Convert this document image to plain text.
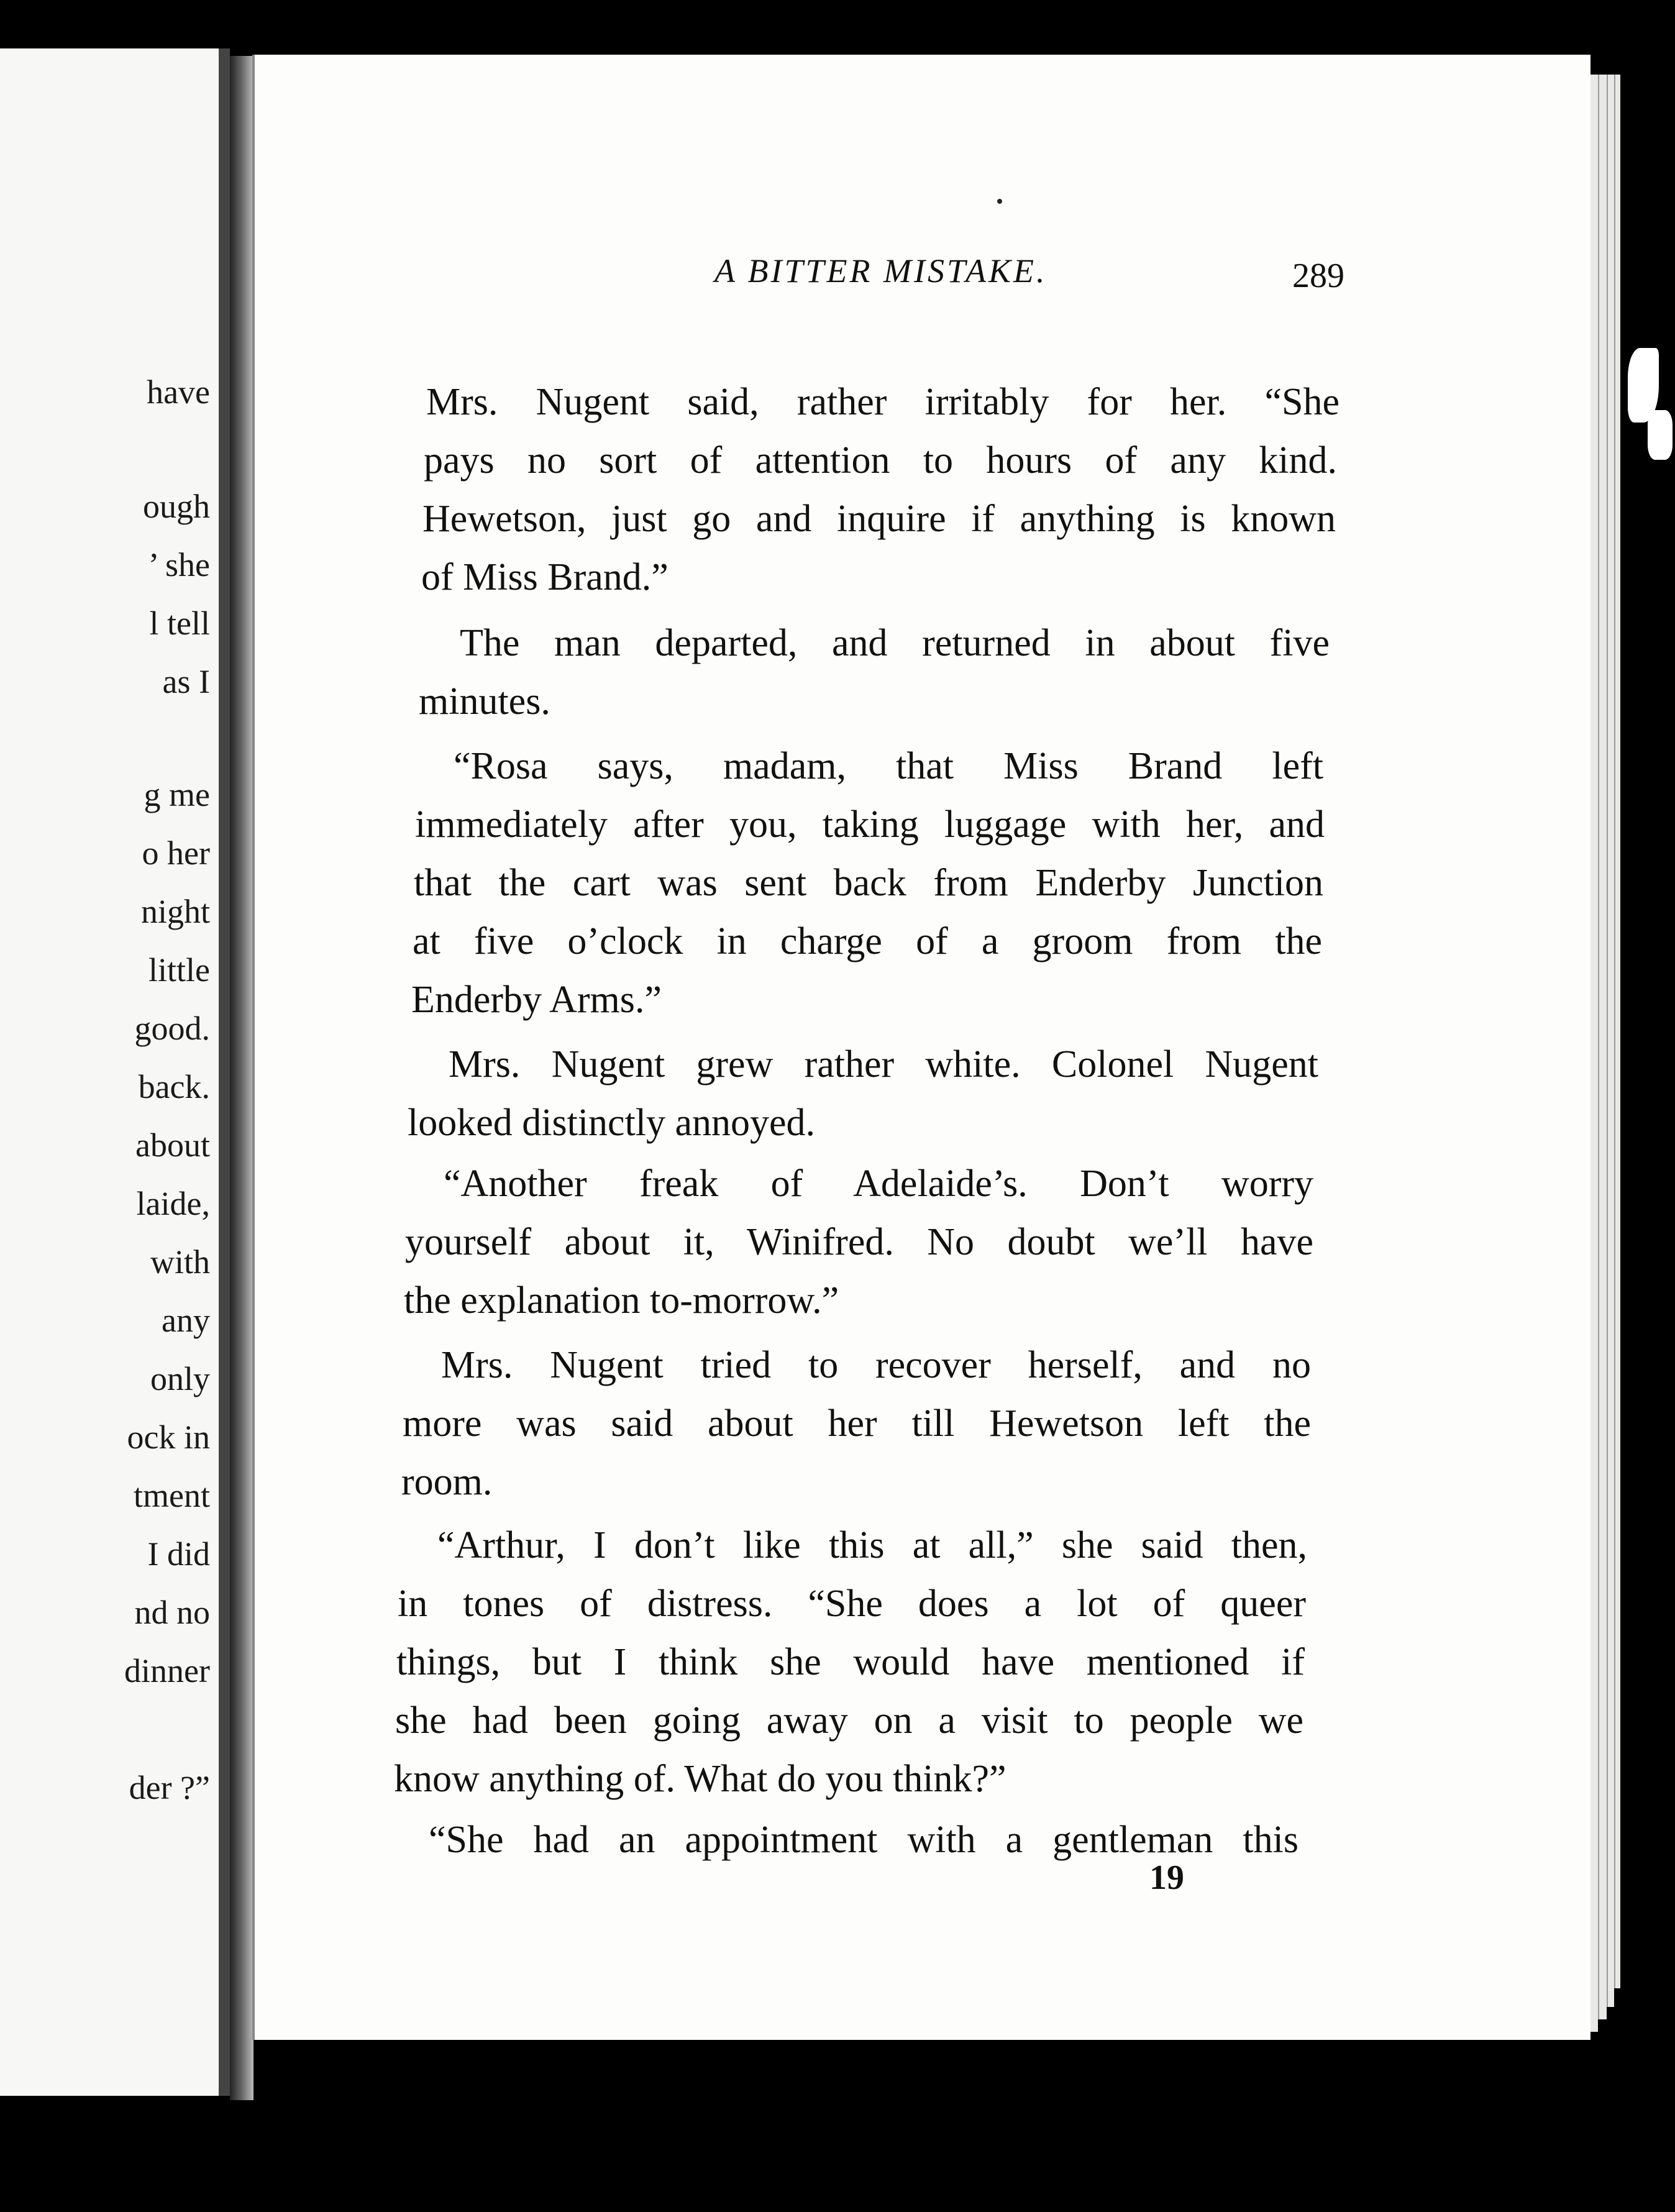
have
ough
’ she
l tell
as I
g me
o her
night
little
good.
back.
about
laide,
with
any
only
ock in
tment
I did
nd no
dinner
der ?”
A BITTER MISTAKE.	289
Mrs. Nugent said, rather irritably for her. “She
pays no sort of attention to hours of any kind.
Hewetson, just go and inquire if anything is known
of Miss Brand.”
The man departed, and returned in about five
minutes.
“Rosa says, madam, that Miss Brand left
immediately after you, taking luggage with her, and
that the cart was sent back from Enderby Junction
at five o’clock in charge of a groom from the
Enderby Arms.”
Mrs. Nugent grew rather white. Colonel Nugent
looked distinctly annoyed.
“Another freak of Adelaide’s. Don’t worry
yourself about it, Winifred. No doubt we’ll have
the explanation to-morrow.”
Mrs. Nugent tried to recover herself, and no
more was said about her till Hewetson left the
room.
“Arthur, I don’t like this at all,” she said then,
in tones of distress. “She does a lot of queer
things, but I think she would have mentioned if
she had been going away on a visit to people we
know anything of. What do you think?”
“She had an appointment with a gentleman this
19
